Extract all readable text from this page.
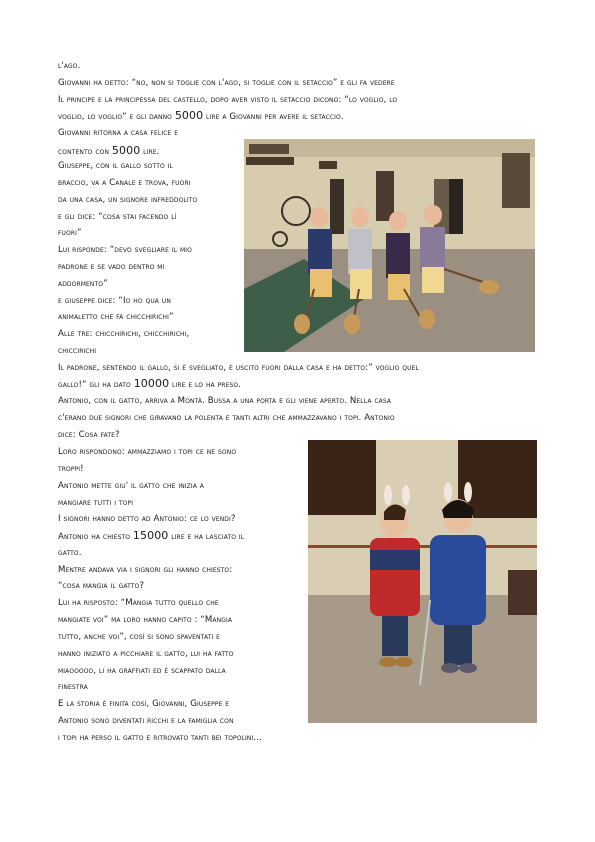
l'ago.
Giovanni ha detto: “no, non si toglie con l'ago, si toglie con il setaccio” e gli fa vedere
Il principe e la principessa del castello, dopo aver visto il setaccio dicono: “lo voglio, lo
voglio, lo voglio” e gli danno 5000 lire a Giovanni per avere il setaccio.
Giovanni ritorna a casa felice e
contento con 5000 lire.
Giuseppe, con il gallo sotto il
braccio, va a Canale e trova, fuori
da una casa, un signore infreddolito
e gli dice: “cosa stai facendo lì
fuori”
Lui risponde: “devo svegliare il mio
padrone e se vado dentro mi
addormento”
e giuseppe dice: “Io ho qua un
animaletto che fa chicchirichi”
Alle tre: chicchirichi, chicchirichi,
chiccirichi
Il padrone, sentendo il gallo, si è svegliato, è uscito fuori dalla casa e ha detto:” voglio quel
gallo!” gli ha dato 10000 lire e lo ha preso.
Antonio, con il gatto, arriva a Montà. Bussa a una porta e gli viene aperto. Nella casa
c'erano due signori che giravano la polenta e tanti altri che ammazzavano i topi. Antonio
dice: Cosa fate?
Loro rispondono: ammazziamo i topi ce ne sono
troppi!
Antonio mette giu' il gatto che inizia a
mangiare tutti i topi
I signori hanno detto ad Antonio: ce lo vendi?
Antonio ha chiesto 15000 lire e ha lasciato il
gatto.
Mentre andava via i signori gli hanno chiesto:
“cosa mangia il gatto?
Lui ha risposto: “Mangia tutto quello che
mangiate voi” ma loro hanno capito : “Mangia
tutto, anche voi”, così si sono spaventati e
hanno iniziato a picchiare il gatto, lui ha fatto
miaooooo, li ha graffiati ed è scappato dalla
finestra
E la storia è finita così, Giovanni, Giuseppe e
Antonio sono diventati ricchi e la famiglia con
i topi ha perso il gatto e ritrovato tanti bei topolini…
